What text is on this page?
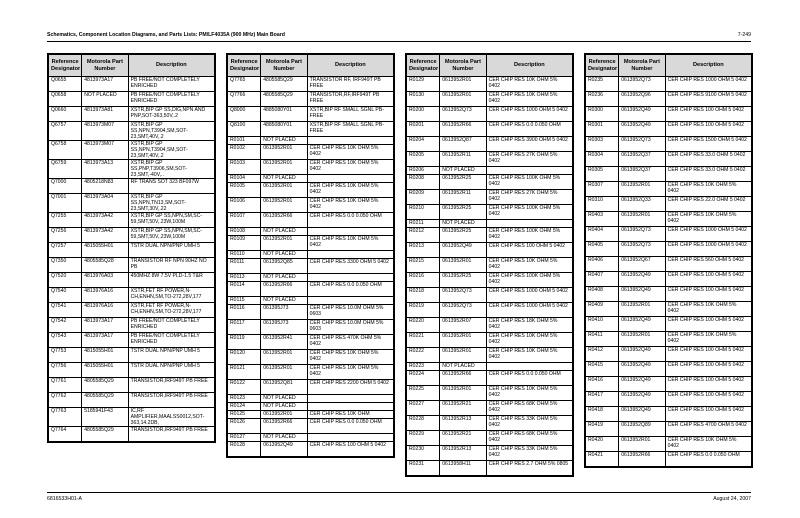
Schematics, Component Location Diagrams, and Parts Lists: PM/LF4035A (900 MHz) Main Board	7-249
Reference Designator	Motorola Part Number	Description
Q0655	4813973A17	PB FREE/NOT COMPLETELY ENRICHED
Q0658	NOT PLACED	PB FREE/NOT COMPLETELY ENRICHED
Q0660	4813973A81	XSTR,BIP GP SS,DIG,NPN AND PNP,SOT-363,50V,.2
Q6757	4813973M07	XSTR,BIP GP SS,NPN,T3904,SM,SOT-23,SMT,40V,.2
Q6758	4813973M07	XSTR,BIP GP SS,NPN,T3904,SM,SOT-23,SMT,40V,.2
Q6759	4813973A13	XSTR,BIP GP SS,PNP,T3906,SM,SOT-23,SMT,-40V,..
Q7000	4805218N83	RF TRANS SOT 323 BF097W
Q7001	4813973A04	XSTR,BIP GP SS,NPN,TN13,SM,SOT-23,SMT,30V,.22
Q7255	4813973A42	XSTR,BIP GP SS,NPN,SM,SC-59,SMT,50V,.23W,100M
Q7256	4813973A42	XSTR,BIP GP SS,NPN,SM,SC-59,SMT,50V,.23W,100M
Q7257	4815055H01	TSTR DUAL NPN/PNP UMH 5
Q7350	4805585Q28	TRANSISTOR RF NPN 90HZ NO PB
Q7520	4813976A03	450MHZ 8W 7.5V PLD-1.5 T&R
Q7540	4813976A16	XSTR,FET RF POWER,N-CH,ENHN,SM,TO-272,28V,177
Q7541	4813976A16	XSTR,FET RF POWER,N-CH,ENHN,SM,TO-272,28V,177
Q7542	4813973A17	PB FREE/NOT COMPLETELY ENRICHED
Q7543	4813973A17	PB FREE/NOT COMPLETELY ENRICHED
Q7753	4815055H01	TSTR DUAL NPN/PNP UMH 5
Q7756	4815055H01	TSTR DUAL NPN/PNP UMH 5
Q7761	4805585Q29	TRANSISTOR,IRF949T PB FREE
Q7762	4805585Q29	TRANSISTOR,IRF949T PB FREE
Q7763	5185941F43	IC,RF AMPLIFIER,MAALSS0012,SOT-363,14.2DB,
Q7764	4805585Q29	TRANSISTOR,IRF949T PB FREE
Reference Designator	Motorola Part Number	Description
Q7765	4805585Q29	TRANSISTOR RF, IRF949T PB FREE
Q7766	4805585Q29	TRANSISTOR,RF,IRF949T PB FREE
Q8000	4885080Y01	XSTR,BIP RF SMALL SGNL PB-FREE
Q8100	4885080Y01	XSTR,BIP RF SMALL SGNL PB-FREE
R0101	NOT PLACED	
R0102	0613952R01	CER CHIP RES 10K OHM 5% 0402
R0103	0613952R01	CER CHIP RES 10K OHM 5% 0402
R0104	NOT PLACED	
R0105	0613952R01	CER CHIP RES 10K OHM 5% 0402
R0106	0613952R01	CER CHIP RES 10K OHM 5% 0402
R0107	0613952R66	CER CHIP RES 0.0 0.050 OHM
R0108	NOT PLACED	
R0109	0613952R01	CER CHIP RES 10K OHM 5% 0402
R0110	NOT PLACED	
R0111	0613952Q85	CER CHIP RES 3300 OHM 5 0402
R0113	NOT PLACED	
R0114	0613952R66	CER CHIP RES 0.0 0.050 OHM
R0115	NOT PLACED	
R0116	061395J73	CER CHIP RES 10.0M OHM 5% 0603
R0117	061395J73	CER CHIP RES 10.0M OHM 5% 0603
R0119	0613952R41	CER CHIP RES 470K OHM 5% 0402
R0120	0613952R01	CER CHIP RES 10K OHM 5% 0402
R0121	0613952R01	CER CHIP RES 10K OHM 5% 0402
R0122	0613952Q81	CER CHIP RES 2200 OHM 5 0402
R0123	NOT PLACED	
R0124	NOT PLACED	
R0125	0613952R01	CER CHIP RES 10K OHM
R0126	0613952R66	CER CHIP RES 0.0 0.050 OHM
R0127	NOT PLACED	
R0128	0613952Q49	CER CHIP RES 100 OHM 5 0402
Reference Designator	Motorola Part Number	Description
R0129	0613952R01	CER CHIP RES 10K OHM 5% 0402
R0130	0613952R01	CER CHIP RES 10K OHM 5% 0402
R0200	0613952Q73	CER CHIP RES 1000 OHM 5 0402
R0201	0613952R66	CER CHIP RES 0.0 0.050 OHM
R0204	0613952Q87	CER CHIP RES 3900 OHM 5 0402
R0205	0613952R11	CER CHIP RES 27K OHM 5% 0402
R0206	NOT PLACED	
R0208	0613952R25	CER CHIP RES 100K OHM 5% 0402
R0209	0613952R11	CER CHIP RES 27K OHM 5% 0402
R0210	0613952R25	CER CHIP RES 100K OHM 5% 0402
R0211	NOT PLACED	
R0212	0613952R25	CER CHIP RES 100K OHM 5% 0402
R0213	0613952Q49	CER CHIP RES 100 OHM 5 0402
R0215	0613952R01	CER CHIP RES 10K OHM 5% 0402
R0216	0613952R25	CER CHIP RES 100K OHM 5% 0402
R0218	0613952Q73	CER CHIP RES 1000 OHM 5 0402
R0219	0613952Q73	CER CHIP RES 1000 OHM 5 0402
R0220	0613952R07	CER CHIP RES 18K OHM 5% 0402
R0221	0613952R01	CER CHIP RES 10K OHM 5% 0402
R0222	0613952R01	CER CHIP RES 10K OHM 5% 0402
R0223	NOT PLACED	
R0224	0613952R66	CER CHIP RES 0.0 0.050 OHM
R0225	0613952R01	CER CHIP RES 10K OHM 5% 0402
R0227	0613952R21	CER CHIP RES 68K OHM 5% 0402
R0228	0613952R13	CER CHIP RES 33K OHM 5% 0402
R0229	0613952R21	CER CHIP RES 68K OHM 5% 0402
R0230	0613952R13	CER CHIP RES 33K OHM 5% 0402
R0231	0613958H11	CER CHIP RES 2.7 OHM 5% 0805
Reference Designator	Motorola Part Number	Description
R0235	0613952Q73	CER CHIP RES 1000 OHM 5 0402
R0236	0613952Q96	CER CHIP RES 9100 OHM 5 0402
R0300	0613952Q49	CER CHIP RES 100 OHM 5 0402
R0301	0613952Q49	CER CHIP RES 100 OHM 5 0402
R0303	0613952Q73	CER CHIP RES 1500 OHM 5 0402
R0304	0613952Q37	CER CHIP RES 33.0 OHM 5 0402
R0305	0613952Q37	CER CHIP RES 33.0 OHM 5 0402
R0307	0613952R01	CER CHIP RES 10K OHM 5% 0402
R0310	0613952Q33	CER CHIP RES 22.0 OHM 5 0402
R0403	0613952R01	CER CHIP RES 10K OHM 5% 0402
R0404	0613952Q73	CER CHIP RES 1000 OHM 5 0402
R0405	0613952Q73	CER CHIP RES 1000 OHM 5 0402
R0406	0613952Q67	CER CHIP RES 560 OHM 5 0402
R0407	0613952Q49	CER CHIP RES 100 OHM 5 0402
R0408	0613952Q49	CER CHIP RES 100 OHM 5 0402
R0409	0613952R01	CER CHIP RES 10K OHM 5% 0402
R0410	0613952Q49	CER CHIP RES 100 OHM 5 0402
R0411	0613952R01	CER CHIP RES 10K OHM 5% 0402
R0412	0613952Q49	CER CHIP RES 100 OHM 5 0402
R0415	0613952Q49	CER CHIP RES 100 OHM 5 0402
R0416	0613952Q49	CER CHIP RES 100 OHM 5 0402
R0417	0613952Q49	CER CHIP RES 100 OHM 5 0402
R0418	0613952Q49	CER CHIP RES 100 OHM 5 0402
R0419	0613952Q89	CER CHIP RES 4700 OHM 5 0402
R0420	0613952R01	CER CHIP RES 10K OHM 5% 0402
R0421	0613952R66	CER CHIP RES 0.0 0.050 OHM
6816533H01-A	August 24, 2007
